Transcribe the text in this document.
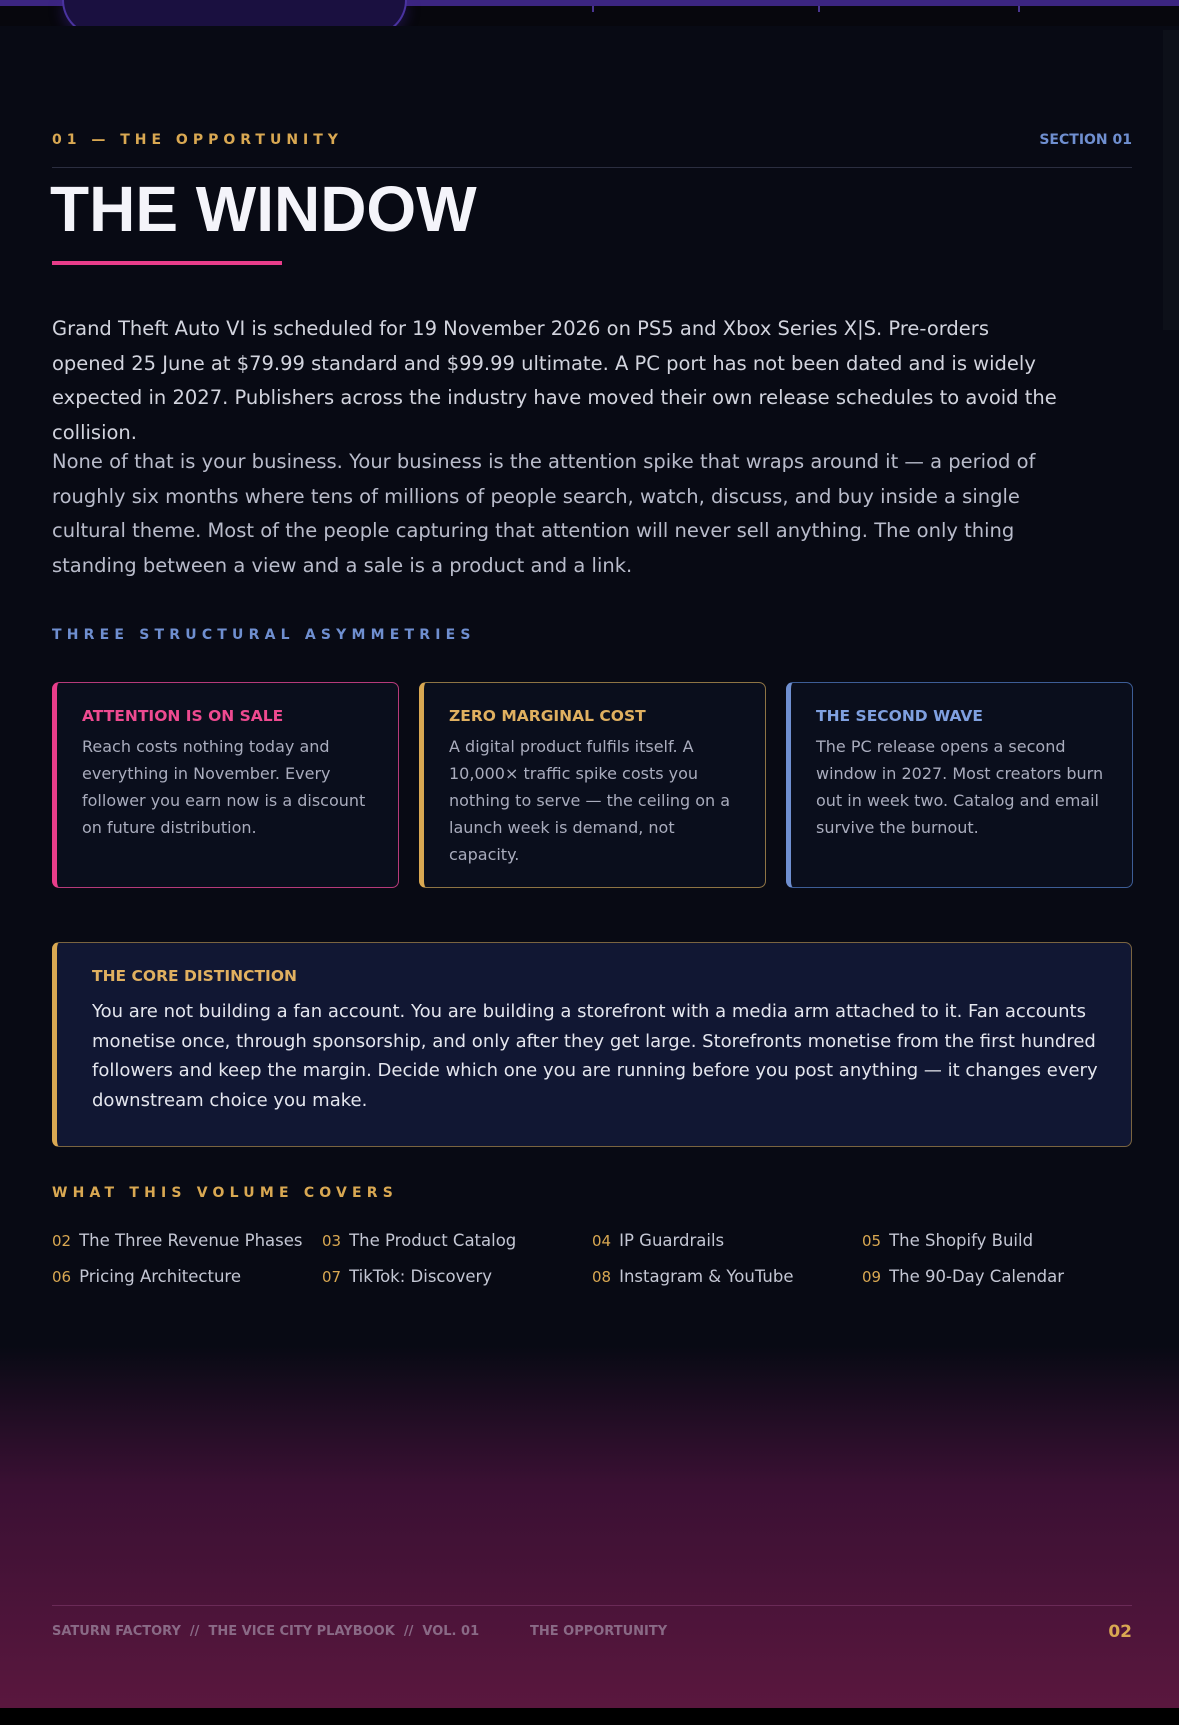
01 — THE OPPORTUNITY	SECTION 01
THE WINDOW

Grand Theft Auto VI is scheduled for 19 November 2026 on PS5 and Xbox Series X|S. Pre-orders opened 25 June at $79.99 standard and $99.99 ultimate. A PC port has not been dated and is widely expected in 2027. Publishers across the industry have moved their own release schedules to avoid the collision.

None of that is your business. Your business is the attention spike that wraps around it — a period of roughly six months where tens of millions of people search, watch, discuss, and buy inside a single cultural theme. Most of the people capturing that attention will never sell anything. The only thing standing between a view and a sale is a product and a link.

THREE STRUCTURAL ASYMMETRIES
ATTENTION IS ON SALE
Reach costs nothing today and everything in November. Every follower you earn now is a discount on future distribution.
ZERO MARGINAL COST
A digital product fulfils itself. A 10,000× traffic spike costs you nothing to serve — the ceiling on a launch week is demand, not capacity.
THE SECOND WAVE
The PC release opens a second window in 2027. Most creators burn out in week two. Catalog and email survive the burnout.
THE CORE DISTINCTION
You are not building a fan account. You are building a storefront with a media arm attached to it. Fan accounts monetise once, through sponsorship, and only after they get large. Storefronts monetise from the first hundred followers and keep the margin. Decide which one you are running before you post anything — it changes every downstream choice you make.
WHAT THIS VOLUME COVERS
02 The Three Revenue Phases 03 The Product Catalog	04 IP Guardrails	05 The Shopify Build
06 Pricing Architecture	07 TikTok: Discovery	08 Instagram & YouTube	09 The 90-Day Calendar
SATURN FACTORY  //  THE VICE CITY PLAYBOOK  //  VOL. 01	THE OPPORTUNITY	02
